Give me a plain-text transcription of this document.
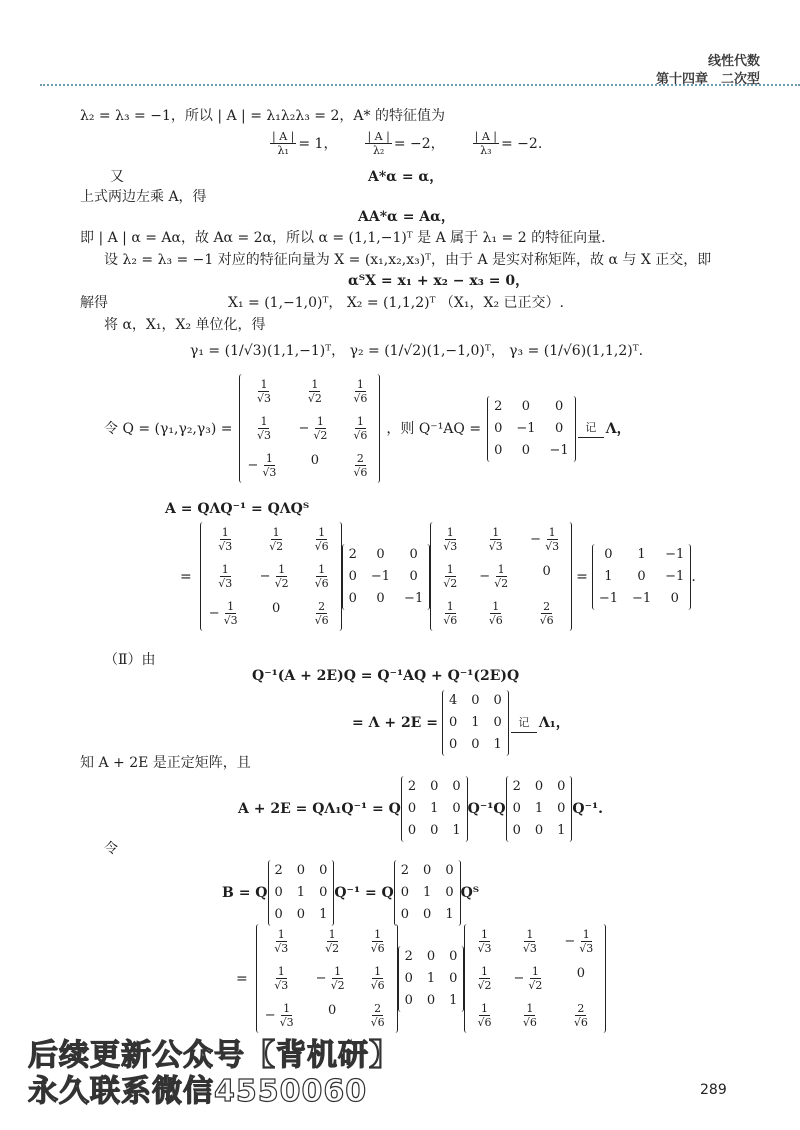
线性代数
第十四章　二次型
λ₂ = λ₃ = −1，所以 | A | = λ₁λ₂λ₃ = 2，A* 的特征值为
$\frac{| A |}{\text{λ₁}} = 1$，	$\frac{| A |}{\text{λ₂}} = -2$，	$\frac{| A |}{\text{λ₃}} = -2$.
又	A*α = α，
上式两边左乘 A，得
AA*α = Aα，
即 | A | α = Aα，故 Aα = 2α，所以 α = (1,1,−1)ᵀ 是 A 属于 λ₁ = 2 的特征向量.
设 λ₂ = λ₃ = −1 对应的特征向量为 X = (x₁,x₂,x₃)ᵀ，由于 A 是实对称矩阵，故 α 与 X 正交，即
αᵀX = x₁ + x₂ − x₃ = 0，
解得	X₁ = (1,−1,0)ᵀ， X₂ = (1,1,2)ᵀ （X₁，X₂ 已正交）.
将 α，X₁，X₂ 单位化，得
γ₁ = (1/√3)(1,1,−1)ᵀ， γ₂ = (1/√2)(1,−1,0)ᵀ， γ₃ = (1/√6)(1,1,2)ᵀ.
令 Q = (γ₁,γ₂,γ₃) =
$\frac{1}{√3} \frac{1}{√2} \frac{1}{√6}$
$\frac{1}{√3} - \frac{1}{√2} \frac{1}{√6}$
− $\frac{1}{√3}$	0	$\frac{2}{√6}$
，则 Q⁻¹AQ =
2	0	0
0 −1	0
0	0	−1
记 Λ，
A = QΛQ⁻¹ = QΛQᵀ
=
$\frac{1}{√3} \frac{1}{√2} \frac{1}{√6}$
$\frac{1}{√3} - \frac{1}{√2} \frac{1}{√6}$
− $\frac{1}{√3}$	0	$\frac{2}{√6}$
2	0	0
0 −1	0
0	0	−1
$\frac{1}{√3} \frac{1}{√3} - \frac{1}{√3}$
$\frac{1}{√2} - \frac{1}{√2}$	0
$\frac{1}{√6} \frac{1}{√6} \frac{2}{√6}$
=
0	1	−1
1	0	−1
−1 −1	0
.
（Ⅱ）由
Q⁻¹(A + 2E)Q = Q⁻¹AQ + Q⁻¹(2E)Q
= Λ + 2E =
4 0 0
0 1 0
0 0 1
记 Λ₁，
知 A + 2E 是正定矩阵，且
A + 2E = QΛ₁Q⁻¹ = Q
2 0 0
0 1 0
0 0 1
Q⁻¹Q
2 0 0
0 1 0
0 0 1
Q⁻¹.
令
B = Q
2 0 0
0 1 0
0 0 1
Q⁻¹ = Q
2 0 0
0 1 0
0 0 1
Qᵀ
=
$\frac{1}{√3} \frac{1}{√2} \frac{1}{√6}$
$\frac{1}{√3} - \frac{1}{√2} \frac{1}{√6}$
− $\frac{1}{√3}$	0	$\frac{2}{√6}$
2 0 0
0 1 0
0 0 1
$\frac{1}{√3} \frac{1}{√3} - \frac{1}{√3}$
$\frac{1}{√2} - \frac{1}{√2}$	0
$\frac{1}{√6} \frac{1}{√6} \frac{2}{√6}$
后续更新公众号【背机研】
永久联系微信4550060	289
